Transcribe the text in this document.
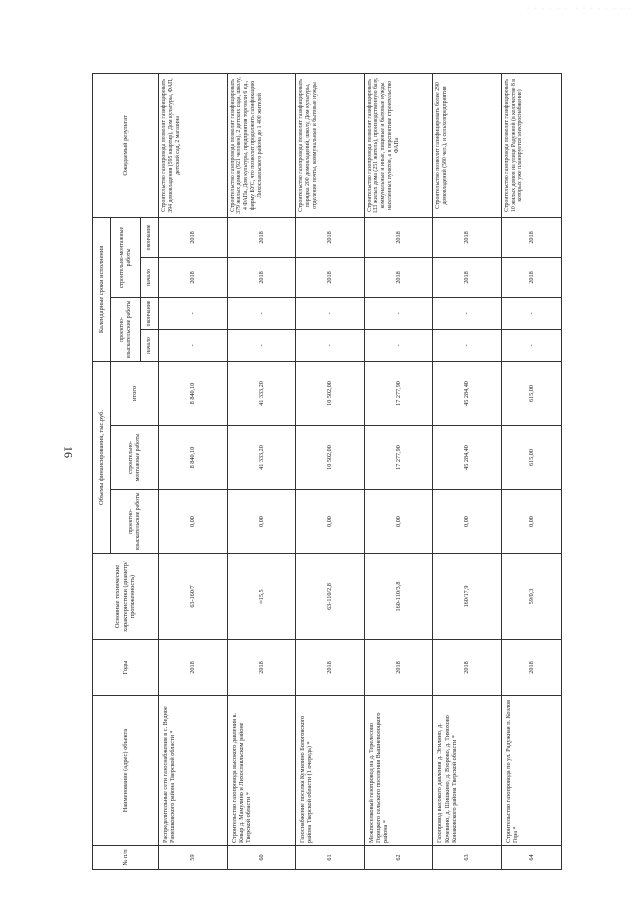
· · · · · ·  · · · · · · · ·
16
№ п/п	Наименование (адрес) объекта	Годы	Основные технические характеристики (диаметр/ протяженность)	Объемы финансирования, тыс.руб.			Календарные сроки исполнения				Ожидаемый результат
				проектно-изыскательские работы	строительно-монтажные работы	итого	проектно-изыскательские работы		строительно-монтажные работы		
							начало	окончание	начало	окончание	
59	Распределительные сети газоснабжения в с. Ведное Рамешковского района Тверской области *	2018	63-160/7	0,00	8 840,10	8 840,10	-	-	2018	2018	Строительство газопровода позволит газифицировать 394 домовладения (595 квартир), Дом культуры, ФАП, детский сад, 2 магазина
60	Строительство газопровода высокого давления к. Кмыр д. Мамулино и Лихославльском районе Тверской области *	2018	≈15,5	0,00	41 333,20	41 333,20	-	-	2018	2018	Строительство газопровода позволит газифицировать 379 жилых домов (921 человек), 2 детских сада, школу, 4 ФАПа, Дом культуры, предприятия торговли 6 ед., фирму БУС, что позволит продолжить газификацию Лихославльского района до 1 400 жителей
61	Газоснабжение поселка Кумилино Бологовского района Тверской области (1 очередь) *	2018	63-110/2,8	0,00	10 502,00	10 502,00	-	-	2018	2018	Строительство газопровода позволит газифицировать порядка 200 домовладений, школу, Дом культуры, отделение почты, коммунальные и бытовые нужды
62	Межпоселковый газопровод на д. Терелесово Горицкого сельского поселения Вышневолоцкого района *	2018	160-110/3,8	0,00	17 277,90	17 277,90	-	-	2018	2018	Строительство газопровода позволит газифицировать 133 жилых дома (251 житель), производственную базу, коммунальные и иные, пищевые и бытовые нужды населенных пунктов, а в перспективе строительство ФАПа
63	Газопровод высокого давления д. Эгилино, д. Кочевино, д. Шишкино, д. Взорово, д. Тимохово Конаковского района Тверской области *	2018	160/17,9	0,00	45 284,40	45 284,40	-	-	2018	2018	Строительство позволит газифицировать более 290 домовладений (580 чел.), и сельхозпредприятия
64	Строительство газопровода по ул. Радужная п. Козлов Гора *	2018	59/0,3	0,00	615,00	615,00	-	-	2018	2018	Строительство газопровода позволит газифицировать 10 жилых домов на улице Радужной (в количестве 8 в которых уже планируется электроснабжение)
